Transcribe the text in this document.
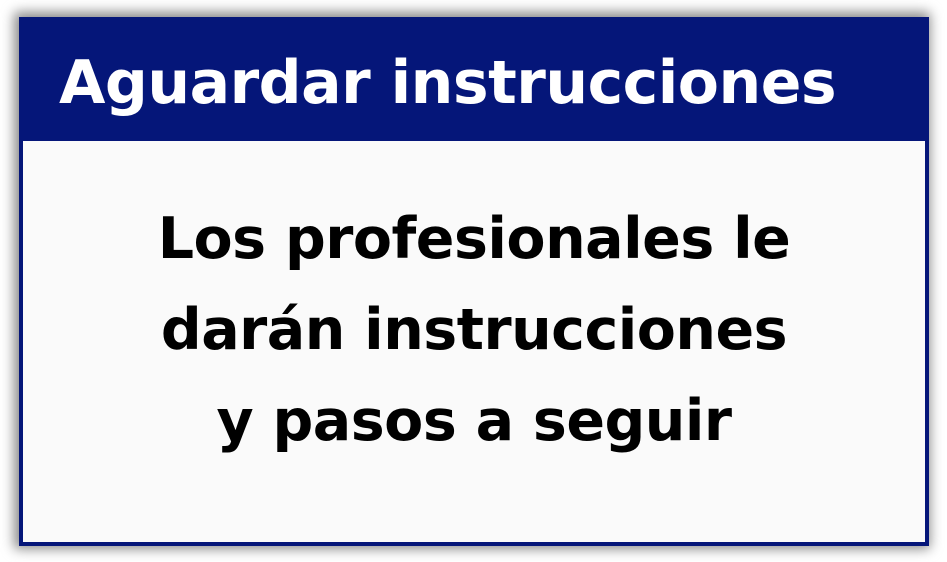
Aguardar instrucciones
Los profesionales le
darán instrucciones
y pasos a seguir
